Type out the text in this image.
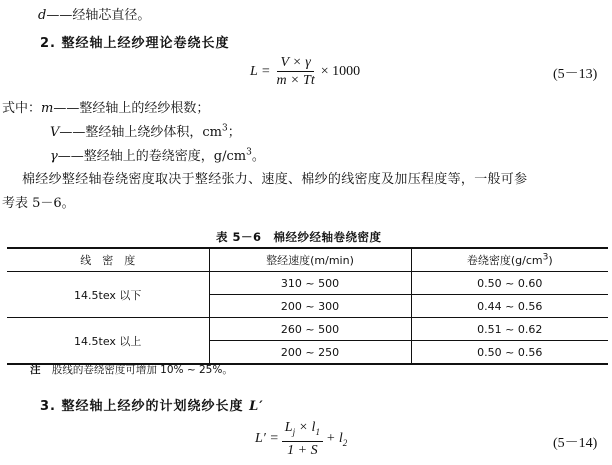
d——经轴芯直径。
2. 整经轴上经纱理论卷绕长度
$L = \frac{V \times \gamma}{m \times Tt} \times 1000$	(5－13)
式中：m——整经轴上的经纱根数；
V——整经轴上绕纱体积，$cm^3$；
γ——整经轴上的卷绕密度，$g/cm^3$。
棉经纱整经轴卷绕密度取决于整经张力、速度、棉纱的线密度及加压程度等，一般可参
考表 5－6。
表 5－6　棉经纱经轴卷绕密度
线　密　度	整经速度(m/min)	卷绕密度$(g/cm^3)$
14.5tex 以下	310 ~ 500	0.50 ~ 0.60
	200 ~ 300	0.44 ~ 0.56
14.5tex 以上	260 ~ 500	0.51 ~ 0.62
	200 ~ 250	0.50 ~ 0.56
注 股线的卷绕密度可增加 10% ~ 25%。
3. 整经轴上经纱的计划绕纱长度 L′
$L' = \frac{L_j \times l_1}{1 + S} + l_2$	(5－14)
